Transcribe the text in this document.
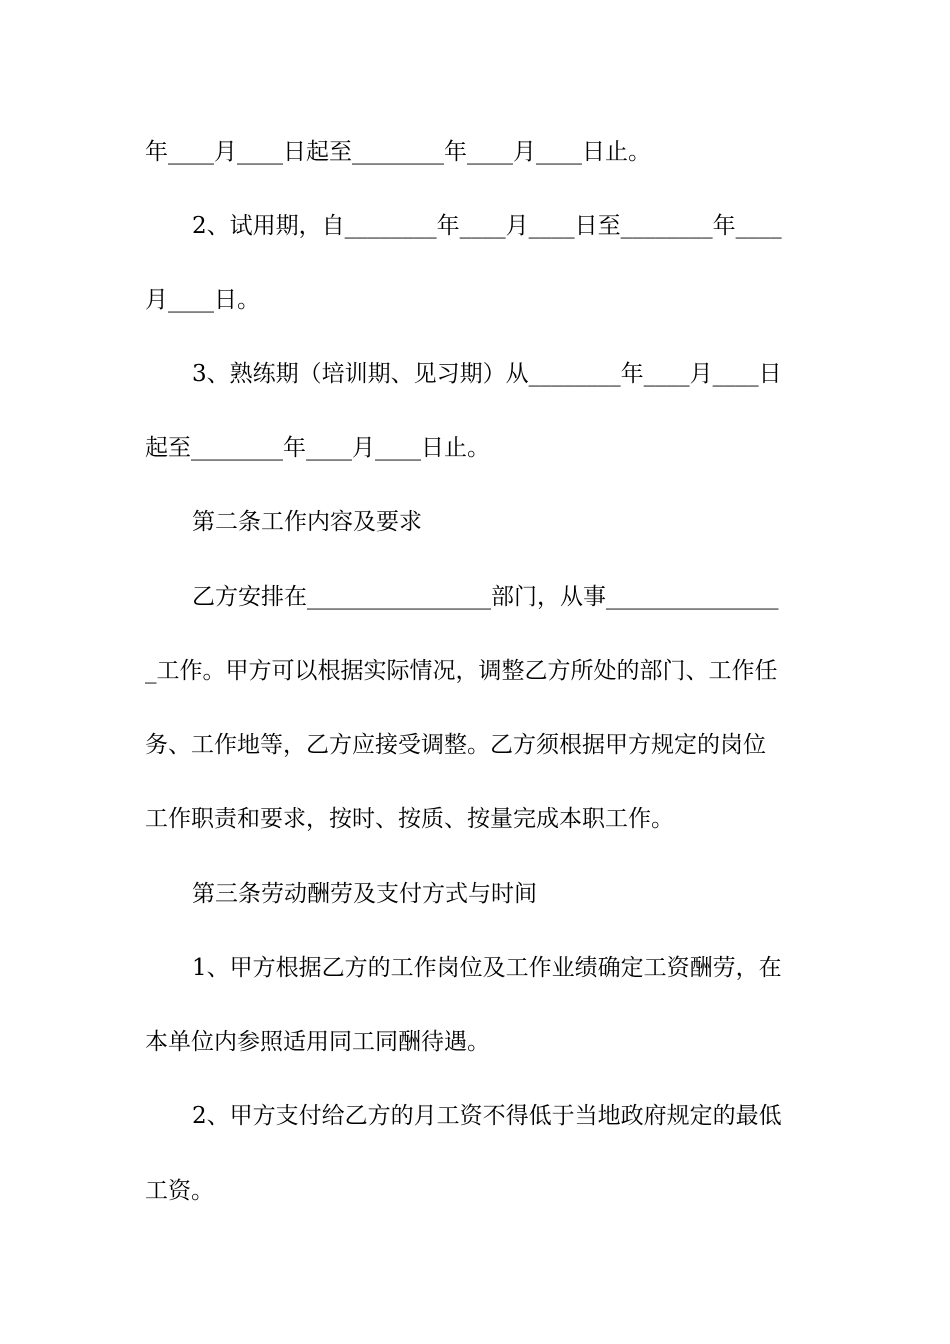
年____月____日起至________年____月____日止。
2、试用期，自________年____月____日至________年____
月____日。
3、熟练期（培训期、见习期）从________年____月____日
起至________年____月____日止。
第二条工作内容及要求
乙方安排在________________部门，从事_______________
_工作。甲方可以根据实际情况，调整乙方所处的部门、工作任
务、工作地等，乙方应接受调整。乙方须根据甲方规定的岗位
工作职责和要求，按时、按质、按量完成本职工作。
第三条劳动酬劳及支付方式与时间
1、甲方根据乙方的工作岗位及工作业绩确定工资酬劳，在
本单位内参照适用同工同酬待遇。
2、甲方支付给乙方的月工资不得低于当地政府规定的最低
工资。
